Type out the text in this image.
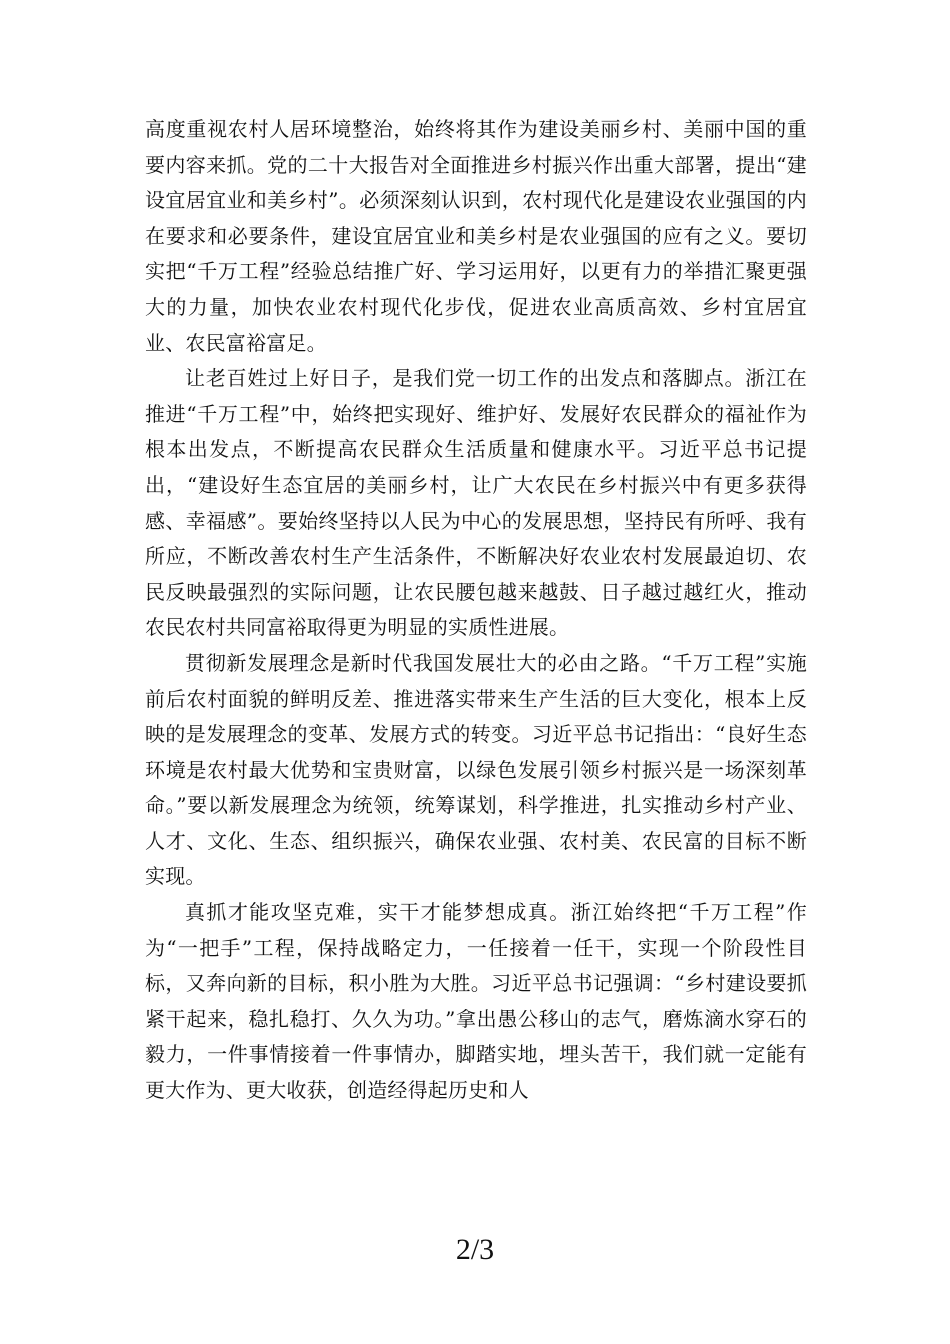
高度重视农村人居环境整治，始终将其作为建设美丽乡村、美丽中国的重要内容来抓。党的二十大报告对全面推进乡村振兴作出重大部署，提出“建设宜居宜业和美乡村”。必须深刻认识到，农村现代化是建设农业强国的内在要求和必要条件，建设宜居宜业和美乡村是农业强国的应有之义。要切实把“千万工程”经验总结推广好、学习运用好，以更有力的举措汇聚更强大的力量，加快农业农村现代化步伐，促进农业高质高效、乡村宜居宜业、农民富裕富足。

让老百姓过上好日子，是我们党一切工作的出发点和落脚点。浙江在推进“千万工程”中，始终把实现好、维护好、发展好农民群众的福祉作为根本出发点，不断提高农民群众生活质量和健康水平。习近平总书记提出，“建设好生态宜居的美丽乡村，让广大农民在乡村振兴中有更多获得感、幸福感”。要始终坚持以人民为中心的发展思想，坚持民有所呼、我有所应，不断改善农村生产生活条件，不断解决好农业农村发展最迫切、农民反映最强烈的实际问题，让农民腰包越来越鼓、日子越过越红火，推动农民农村共同富裕取得更为明显的实质性进展。

贯彻新发展理念是新时代我国发展壮大的必由之路。“千万工程”实施前后农村面貌的鲜明反差、推进落实带来生产生活的巨大变化，根本上反映的是发展理念的变革、发展方式的转变。习近平总书记指出：“良好生态环境是农村最大优势和宝贵财富，以绿色发展引领乡村振兴是一场深刻革命。”要以新发展理念为统领，统筹谋划，科学推进，扎实推动乡村产业、人才、文化、生态、组织振兴，确保农业强、农村美、农民富的目标不断实现。

真抓才能攻坚克难，实干才能梦想成真。浙江始终把“千万工程”作为“一把手”工程，保持战略定力，一任接着一任干，实现一个阶段性目标，又奔向新的目标，积小胜为大胜。习近平总书记强调：“乡村建设要抓紧干起来，稳扎稳打、久久为功。”拿出愚公移山的志气，磨炼滴水穿石的毅力，一件事情接着一件事情办，脚踏实地，埋头苦干，我们就一定能有更大作为、更大收获，创造经得起历史和人

2/3
